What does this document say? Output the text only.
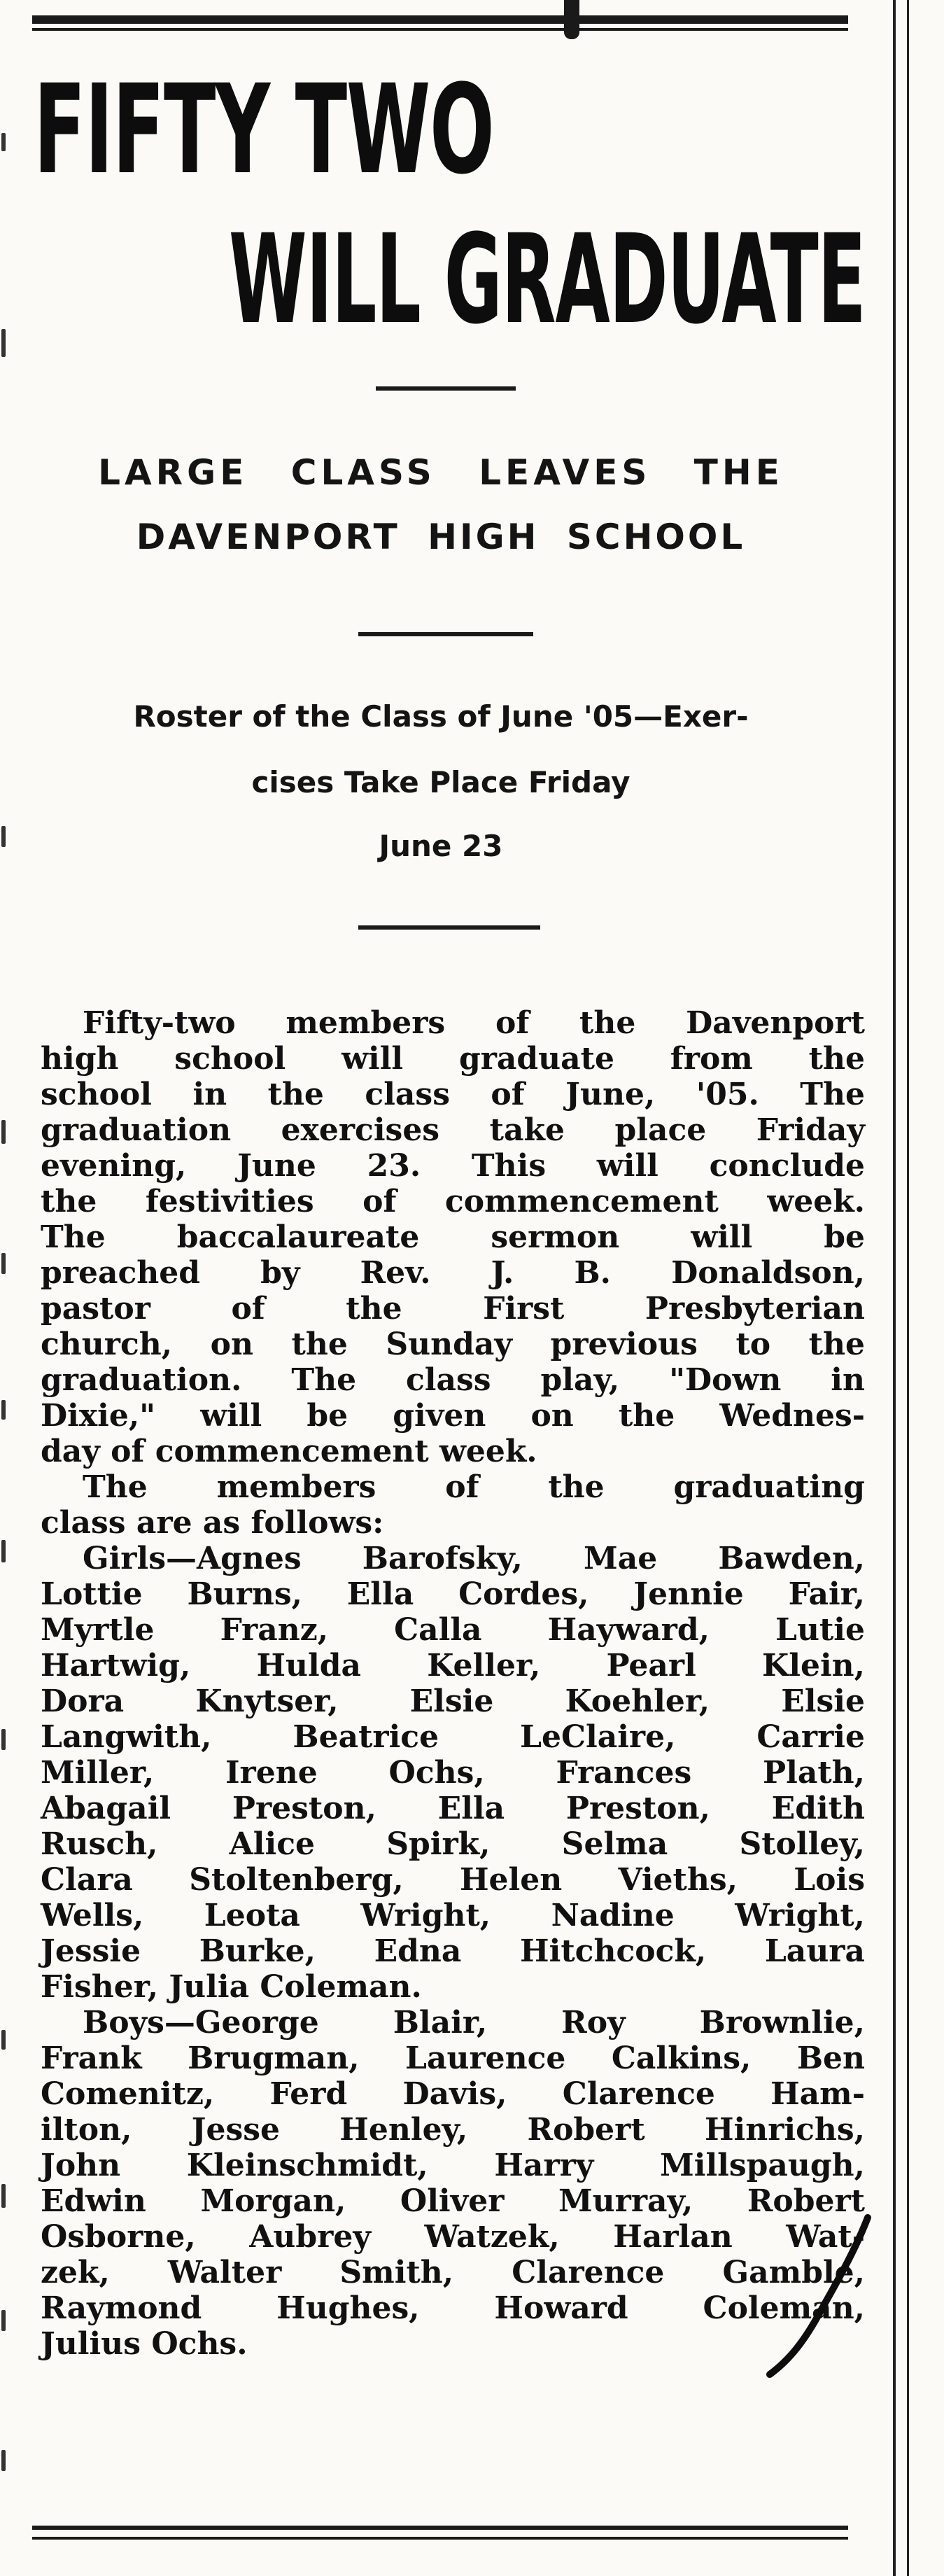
FIFTY TWO
WILL GRADUATE
LARGE CLASS LEAVES THE
DAVENPORT HIGH SCHOOL
Roster of the Class of June '05—Exer-
cises Take Place Friday
June 23
Fifty-two members of the Davenport
high school will graduate from the
school in the class of June, '05. The
graduation exercises take place Friday
evening, June 23. This will conclude
the festivities of commencement week.
The baccalaureate sermon will be
preached by Rev. J. B. Donaldson,
pastor of the First Presbyterian
church, on the Sunday previous to the
graduation. The class play, "Down in
Dixie," will be given on the Wednes-
day of commencement week.
The members of the graduating
class are as follows:
Girls—Agnes Barofsky, Mae Bawden,
Lottie Burns, Ella Cordes, Jennie Fair,
Myrtle Franz, Calla Hayward, Lutie
Hartwig, Hulda Keller, Pearl Klein,
Dora Knytser, Elsie Koehler, Elsie
Langwith, Beatrice LeClaire, Carrie
Miller, Irene Ochs, Frances Plath,
Abagail Preston, Ella Preston, Edith
Rusch, Alice Spirk, Selma Stolley,
Clara Stoltenberg, Helen Vieths, Lois
Wells, Leota Wright, Nadine Wright,
Jessie Burke, Edna Hitchcock, Laura
Fisher, Julia Coleman.
Boys—George Blair, Roy Brownlie,
Frank Brugman, Laurence Calkins, Ben
Comenitz, Ferd Davis, Clarence Ham-
ilton, Jesse Henley, Robert Hinrichs,
John Kleinschmidt, Harry Millspaugh,
Edwin Morgan, Oliver Murray, Robert
Osborne, Aubrey Watzek, Harlan Wat-
zek, Walter Smith, Clarence Gamble,
Raymond Hughes, Howard Coleman,
Julius Ochs.
